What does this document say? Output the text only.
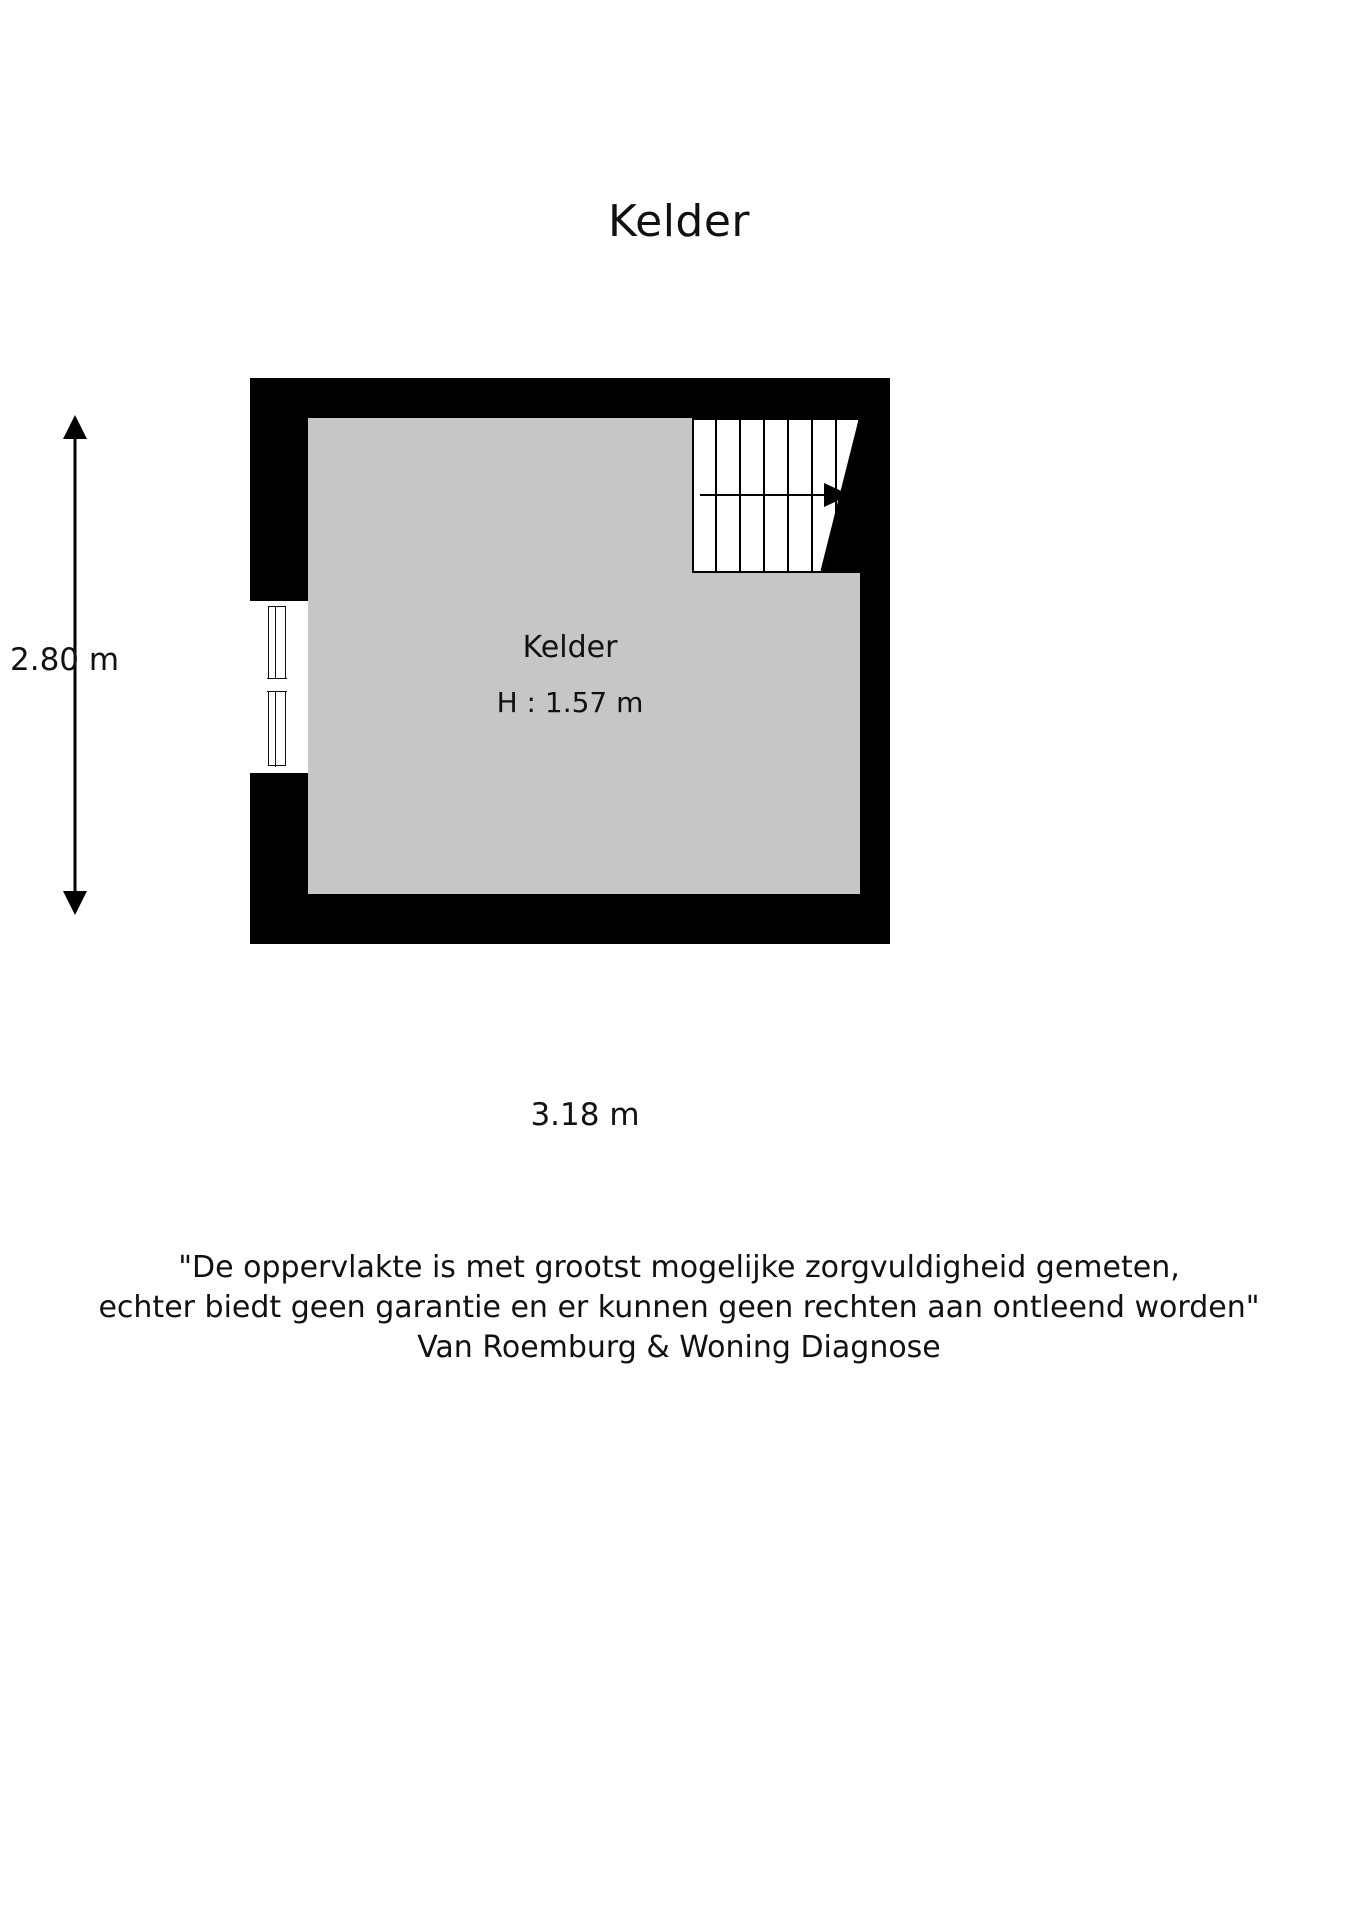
Kelder
Kelder
H : 1.57 m
2.80 m
3.18 m
"De oppervlakte is met grootst mogelijke zorgvuldigheid gemeten,
echter biedt geen garantie en er kunnen geen rechten aan ontleend worden"
Van Roemburg & Woning Diagnose
